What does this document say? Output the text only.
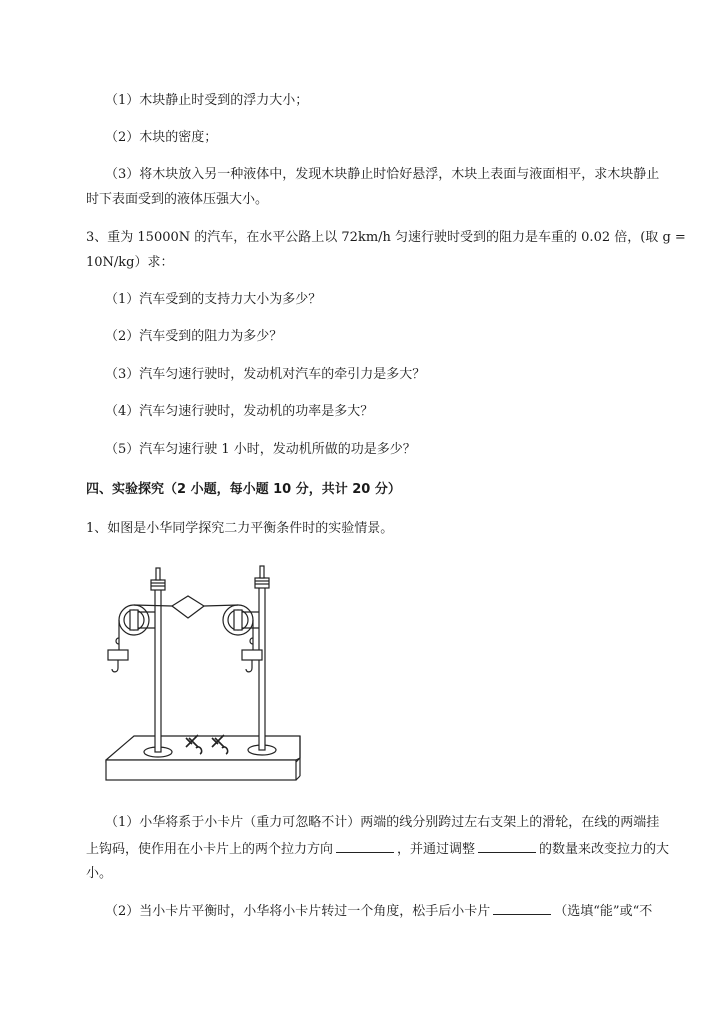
（1）木块静止时受到的浮力大小；
（2）木块的密度；
（3）将木块放入另一种液体中，发现木块静止时恰好悬浮，木块上表面与液面相平，求木块静止
时下表面受到的液体压强大小。
3、重为 15000N 的汽车，在水平公路上以 72km/h 匀速行驶时受到的阻力是车重的 0.02 倍，(取 g =
10N/kg）求：
（1）汽车受到的支持力大小为多少？
（2）汽车受到的阻力为多少？
（3）汽车匀速行驶时，发动机对汽车的牵引力是多大？
（4）汽车匀速行驶时，发动机的功率是多大？
（5）汽车匀速行驶 1 小时，发动机所做的功是多少？
四、实验探究（2 小题，每小题 10 分，共计 20 分）
1、如图是小华同学探究二力平衡条件时的实验情景。
（1）小华将系于小卡片（重力可忽略不计）两端的线分别跨过左右支架上的滑轮，在线的两端挂
上钩码，使作用在小卡片上的两个拉力方向	，并通过调整	的数量来改变拉力的大
小。
（2）当小卡片平衡时，小华将小卡片转过一个角度，松手后小卡片	（选填“能”或“不
